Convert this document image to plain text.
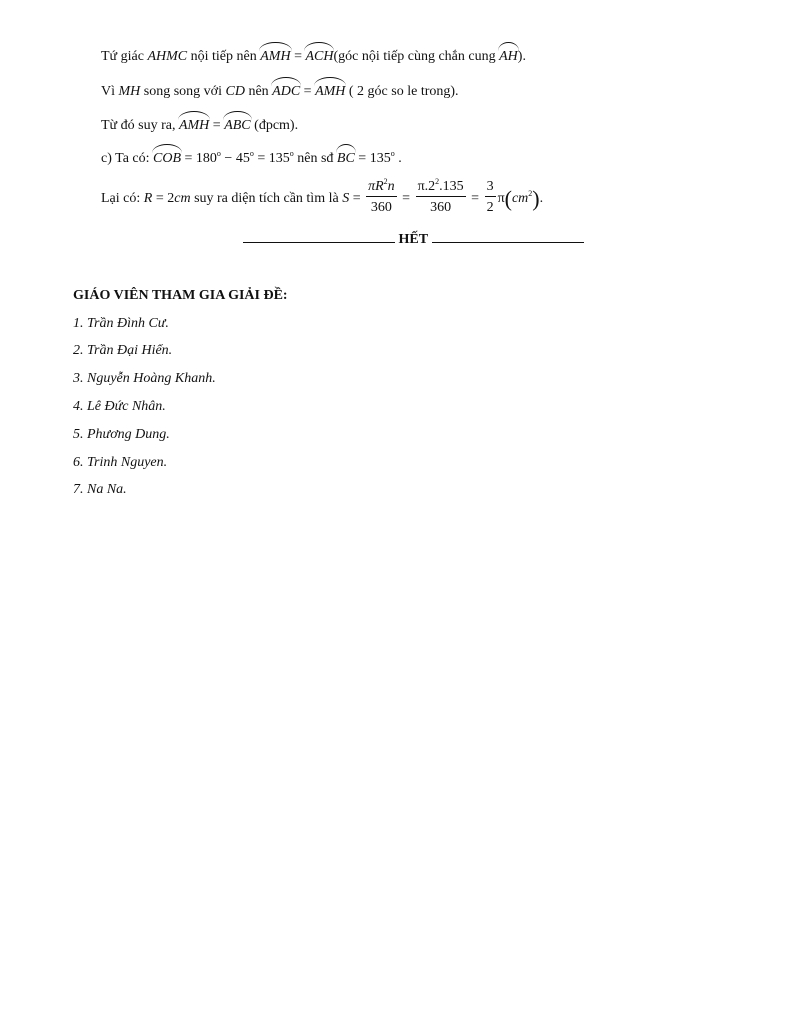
Tứ giác AHMC nội tiếp nên AMH = ACH(góc nội tiếp cùng chắn cung AH).
Vì MH song song với CD nên ADC = AMH ( 2 góc so le trong).
Từ đó suy ra, AMH = ABC (đpcm).
c) Ta có: COB = $180^o - 45^o = 135^o$ nên sđ BC = $135^o$ .
Lại có: R = 2cm suy ra diện tích cần tìm là $S = \frac{\pi R^2n}{360} = \frac{\pi.2^2.135}{360} = \frac{3}{2} \pi(cm^2)$.
HẾT
GIÁO VIÊN THAM GIA GIẢI ĐỀ:
1. Trần Đình Cư.
2. Trần Đại Hiển.
3. Nguyễn Hoàng Khanh.
4. Lê Đức Nhân.
5. Phương Dung.
6. Trinh Nguyen.
7. Na Na.
